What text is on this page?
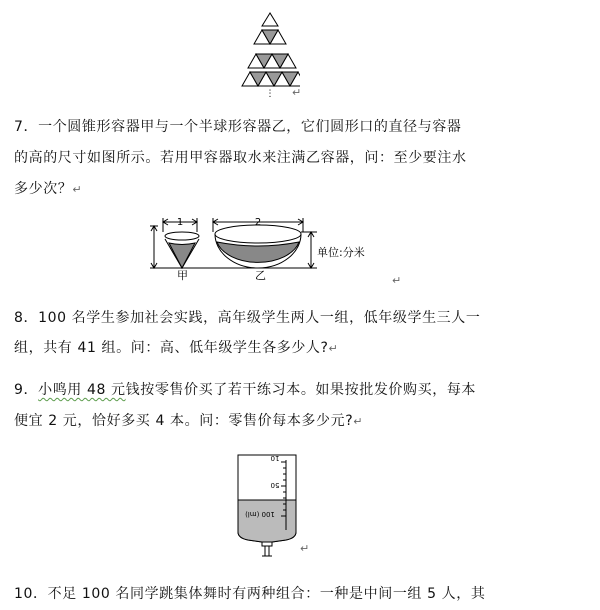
⋮ ↵
7．一个圆锥形容器甲与一个半球形容器乙，它们圆形口的直径与容器
的高的尺寸如图所示。若用甲容器取水来注满乙容器，问：至少要注水
多少次？↵
1	2
单位:分米
甲	乙	↵
8．100 名学生参加社会实践，高年级学生两人一组，低年级学生三人一
组，共有 41 组。问：高、低年级学生各多少人?↵
9．小鸣用 48 元钱按零售价买了若干练习本。如果按批发价购买，每本
便宜 2 元，恰好多买 4 本。问：零售价每本多少元?↵
10
50
100 (ml)
↵
10．不足 100 名同学跳集体舞时有两种组合：一种是中间一组 5 人，其
